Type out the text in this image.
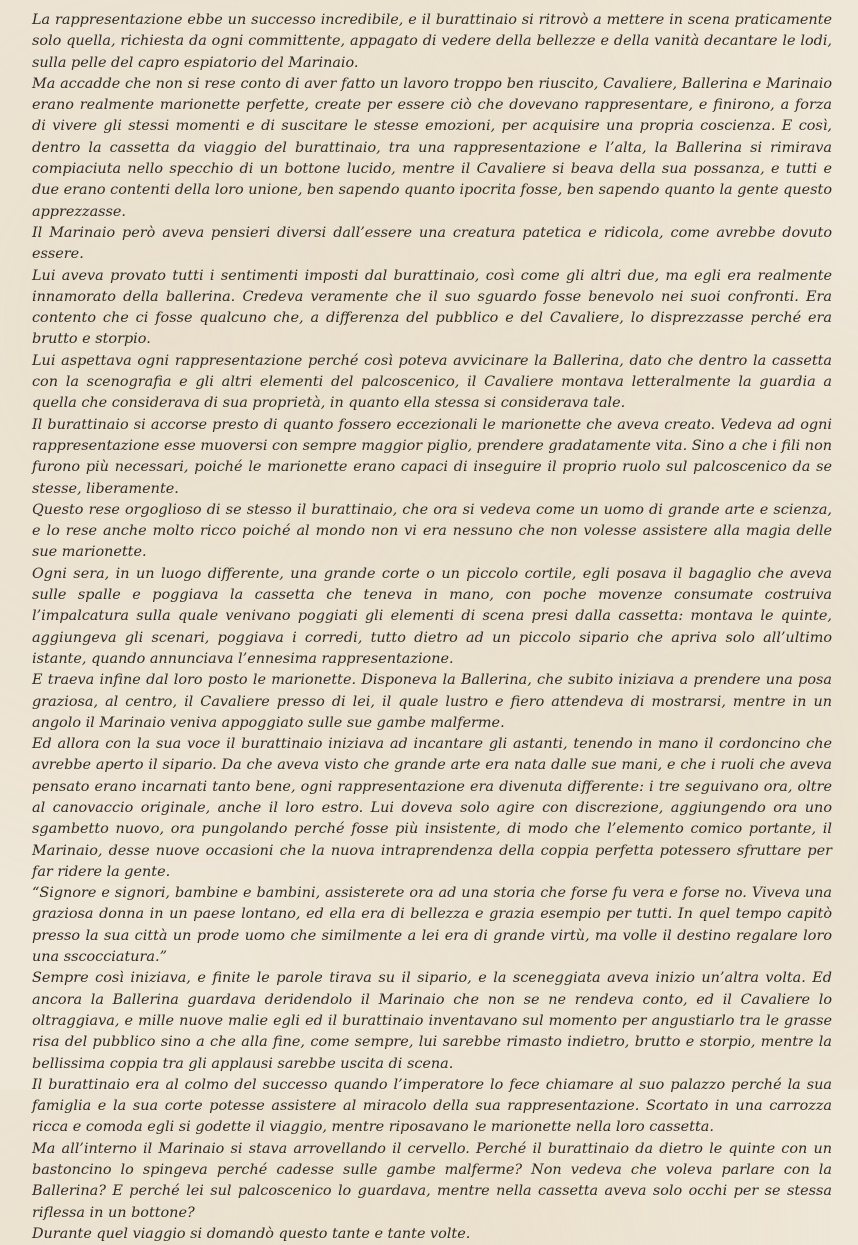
La rappresentazione ebbe un successo incredibile, e il burattinaio si ritrovò a mettere in scena praticamente solo quella, richiesta da ogni committente, appagato di vedere della bellezze e della vanità decantare le lodi, sulla pelle del capro espiatorio del Marinaio.

Ma accadde che non si rese conto di aver fatto un lavoro troppo ben riuscito, Cavaliere, Ballerina e Marinaio erano realmente marionette perfette, create per essere ciò che dovevano rappresentare, e finirono, a forza di vivere gli stessi momenti e di suscitare le stesse emozioni, per acquisire una propria coscienza. E così, dentro la cassetta da viaggio del burattinaio, tra una rappresentazione e l’alta, la Ballerina si rimirava compiaciuta nello specchio di un bottone lucido, mentre il Cavaliere si beava della sua possanza, e tutti e due erano contenti della loro unione, ben sapendo quanto ipocrita fosse, ben sapendo quanto la gente questo apprezzasse.

Il Marinaio però aveva pensieri diversi dall’essere una creatura patetica e ridicola, come avrebbe dovuto essere.

Lui aveva provato tutti i sentimenti imposti dal burattinaio, così come gli altri due, ma egli era realmente innamorato della ballerina. Credeva veramente che il suo sguardo fosse benevolo nei suoi confronti. Era contento che ci fosse qualcuno che, a differenza del pubblico e del Cavaliere, lo disprezzasse perché era brutto e storpio.

Lui aspettava ogni rappresentazione perché così poteva avvicinare la Ballerina, dato che dentro la cassetta con la scenografia e gli altri elementi del palcoscenico, il Cavaliere montava letteralmente la guardia a quella che considerava di sua proprietà, in quanto ella stessa si considerava tale.

Il burattinaio si accorse presto di quanto fossero eccezionali le marionette che aveva creato. Vedeva ad ogni rappresentazione esse muoversi con sempre maggior piglio, prendere gradatamente vita. Sino a che i fili non furono più necessari, poiché le marionette erano capaci di inseguire il proprio ruolo sul palcoscenico da se stesse, liberamente.

Questo rese orgoglioso di se stesso il burattinaio, che ora si vedeva come un uomo di grande arte e scienza, e lo rese anche molto ricco poiché al mondo non vi era nessuno che non volesse assistere alla magia delle sue marionette.

Ogni sera, in un luogo differente, una grande corte o un piccolo cortile, egli posava il bagaglio che aveva sulle spalle e poggiava la cassetta che teneva in mano, con poche movenze consumate costruiva l’impalcatura sulla quale venivano poggiati gli elementi di scena presi dalla cassetta: montava le quinte, aggiungeva gli scenari, poggiava i corredi, tutto dietro ad un piccolo sipario che apriva solo all’ultimo istante, quando annunciava l’ennesima rappresentazione.

E traeva infine dal loro posto le marionette. Disponeva la Ballerina, che subito iniziava a prendere una posa graziosa, al centro, il Cavaliere presso di lei, il quale lustro e fiero attendeva di mostrarsi, mentre in un angolo il Marinaio veniva appoggiato sulle sue gambe malferme.

Ed allora con la sua voce il burattinaio iniziava ad incantare gli astanti, tenendo in mano il cordoncino che avrebbe aperto il sipario. Da che aveva visto che grande arte era nata dalle sue mani, e che i ruoli che aveva pensato erano incarnati tanto bene, ogni rappresentazione era divenuta differente: i tre seguivano ora, oltre al canovaccio originale, anche il loro estro. Lui doveva solo agire con discrezione, aggiungendo ora uno sgambetto nuovo, ora pungolando perché fosse più insistente, di modo che l’elemento comico portante, il Marinaio, desse nuove occasioni che la nuova intraprendenza della coppia perfetta potessero sfruttare per far ridere la gente.

“Signore e signori, bambine e bambini, assisterete ora ad una storia che forse fu vera e forse no. Viveva una graziosa donna in un paese lontano, ed ella era di bellezza e grazia esempio per tutti. In quel tempo capitò presso la sua città un prode uomo che similmente a lei era di grande virtù, ma volle il destino regalare loro una sscocciatura.”

Sempre così iniziava, e finite le parole tirava su il sipario, e la sceneggiata aveva inizio un’altra volta. Ed ancora la Ballerina guardava deridendolo il Marinaio che non se ne rendeva conto, ed il Cavaliere lo oltraggiava, e mille nuove malie egli ed il burattinaio inventavano sul momento per angustiarlo tra le grasse risa del pubblico sino a che alla fine, come sempre, lui sarebbe rimasto indietro, brutto e storpio, mentre la bellissima coppia tra gli applausi sarebbe uscita di scena.

Il burattinaio era al colmo del successo quando l’imperatore lo fece chiamare al suo palazzo perché la sua famiglia e la sua corte potesse assistere al miracolo della sua rappresentazione. Scortato in una carrozza ricca e comoda egli si godette il viaggio, mentre riposavano le marionette nella loro cassetta.

Ma all’interno il Marinaio si stava arrovellando il cervello. Perché il burattinaio da dietro le quinte con un bastoncino lo spingeva perché cadesse sulle gambe malferme? Non vedeva che voleva parlare con la Ballerina? E perché lei sul palcoscenico lo guardava, mentre nella cassetta aveva solo occhi per se stessa riflessa in un bottone?

Durante quel viaggio si domandò questo tante e tante volte.
